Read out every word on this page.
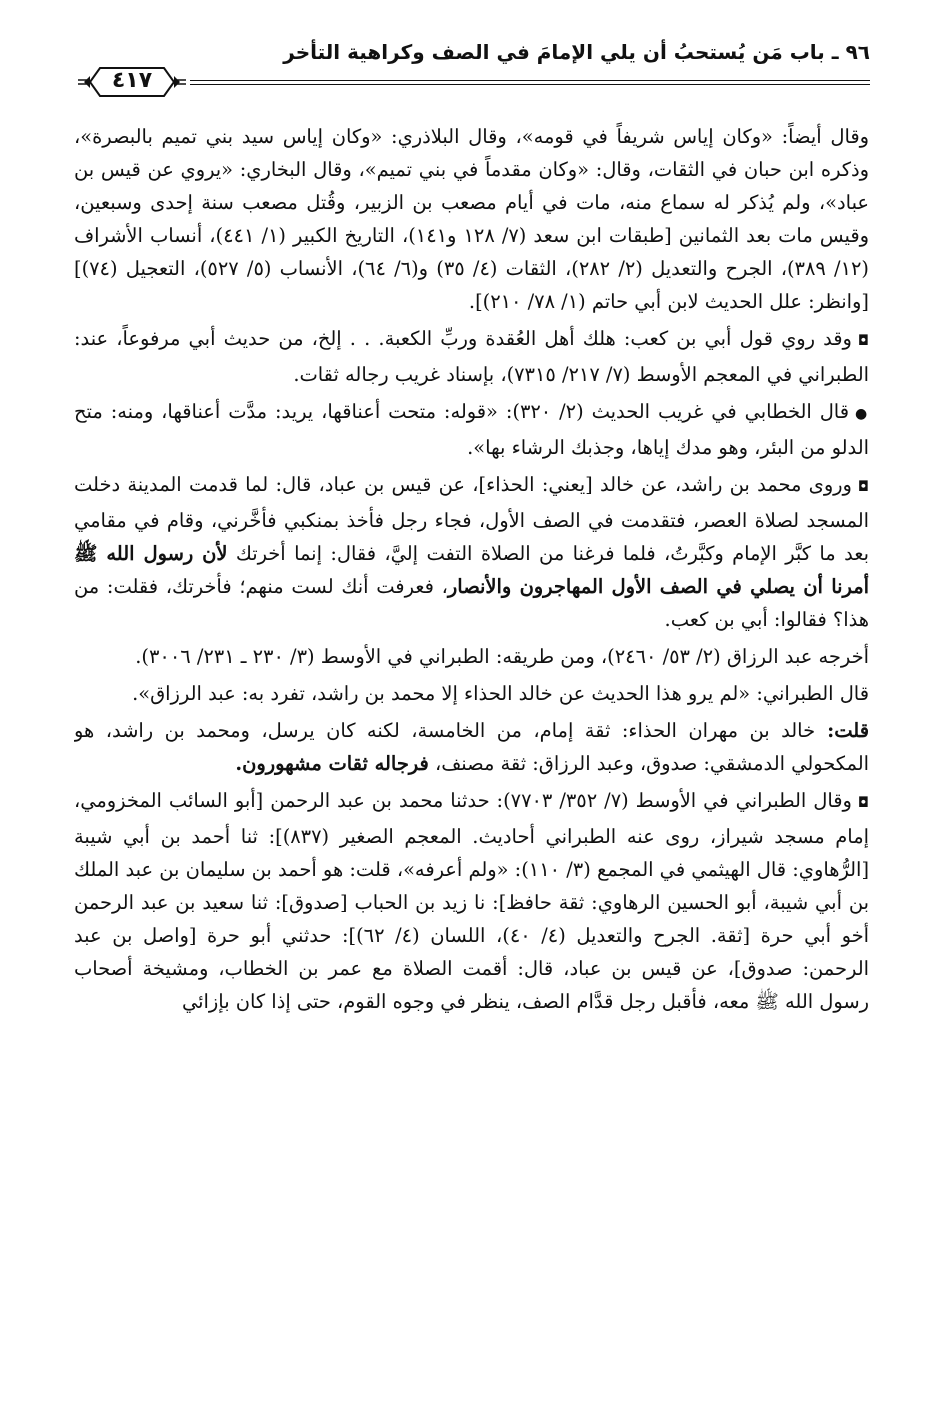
٩٦ ـ باب مَن يُستحبُ أن يلي الإمامَ في الصف وكراهية التأخر
٤١٧

وقال أيضاً: «وكان إياس شريفاً في قومه»، وقال البلاذري: «وكان إياس سيد بني تميم بالبصرة»، وذكره ابن حبان في الثقات، وقال: «وكان مقدماً في بني تميم»، وقال البخاري: «يروي عن قيس بن عباد»، ولم يُذكر له سماع منه، مات في أيام مصعب بن الزبير، وقُتل مصعب سنة إحدى وسبعين، وقيس مات بعد الثمانين [طبقات ابن سعد (٧/ ١٢٨ و١٤١)، التاريخ الكبير (١/ ٤٤١)، أنساب الأشراف (١٢/ ٣٨٩)، الجرح والتعديل (٢/ ٢٨٢)، الثقات (٤/ ٣٥) و(٦/ ٦٤)، الأنساب (٥/ ٥٢٧)، التعجيل (٧٤)] [وانظر: علل الحديث لابن أبي حاتم (١/ ٧٨/ ٢١٠)].

◘وقد روي قول أبي بن كعب: هلك أهل العُقدة وربِّ الكعبة. . . إلخ، من حديث أبي مرفوعاً، عند: الطبراني في المعجم الأوسط (٧/ ٢١٧/ ٧٣١٥)، بإسناد غريب رجاله ثقات.

●قال الخطابي في غريب الحديث (٢/ ٣٢٠): «قوله: متحت أعناقها، يريد: مدَّت أعناقها، ومنه: متح الدلو من البئر، وهو مدك إياها، وجذبك الرشاء بها».

◘وروى محمد بن راشد، عن خالد [يعني: الحذاء]، عن قيس بن عباد، قال: لما قدمت المدينة دخلت المسجد لصلاة العصر، فتقدمت في الصف الأول، فجاء رجل فأخذ بمنكبي فأخَّرني، وقام في مقامي بعد ما كبَّر الإمام وكبَّرتُ، فلما فرغنا من الصلاة التفت إليَّ، فقال: إنما أخرتك لأن رسول الله ﷺ أمرنا أن يصلي في الصف الأول المهاجرون والأنصار، فعرفت أنك لست منهم؛ فأخرتك، فقلت: من هذا؟ فقالوا: أبي بن كعب.

أخرجه عبد الرزاق (٢/ ٥٣/ ٢٤٦٠)، ومن طريقه: الطبراني في الأوسط (٣/ ٢٣٠ ـ ٢٣١/ ٣٠٠٦).

قال الطبراني: «لم يرو هذا الحديث عن خالد الحذاء إلا محمد بن راشد، تفرد به: عبد الرزاق».

قلت: خالد بن مهران الحذاء: ثقة إمام، من الخامسة، لكنه كان يرسل، ومحمد بن راشد، هو المكحولي الدمشقي: صدوق، وعبد الرزاق: ثقة مصنف، فرجاله ثقات مشهورون.

◘وقال الطبراني في الأوسط (٧/ ٣٥٢/ ٧٧٠٣): حدثنا محمد بن عبد الرحمن [أبو السائب المخزومي، إمام مسجد شيراز، روى عنه الطبراني أحاديث. المعجم الصغير (٨٣٧)]: ثنا أحمد بن أبي شيبة [الرُّهاوي: قال الهيثمي في المجمع (٣/ ١١٠): «ولم أعرفه»، قلت: هو أحمد بن سليمان بن عبد الملك بن أبي شيبة، أبو الحسين الرهاوي: ثقة حافظ]: نا زيد بن الحباب [صدوق]: ثنا سعيد بن عبد الرحمن أخو أبي حرة [ثقة. الجرح والتعديل (٤/ ٤٠)، اللسان (٤/ ٦٢)]: حدثني أبو حرة [واصل بن عبد الرحمن: صدوق]، عن قيس بن عباد، قال: أقمت الصلاة مع عمر بن الخطاب، ومشيخة أصحاب رسول الله ﷺ معه، فأقبل رجل قدَّام الصف، ينظر في وجوه القوم، حتى إذا كان بإزائي
